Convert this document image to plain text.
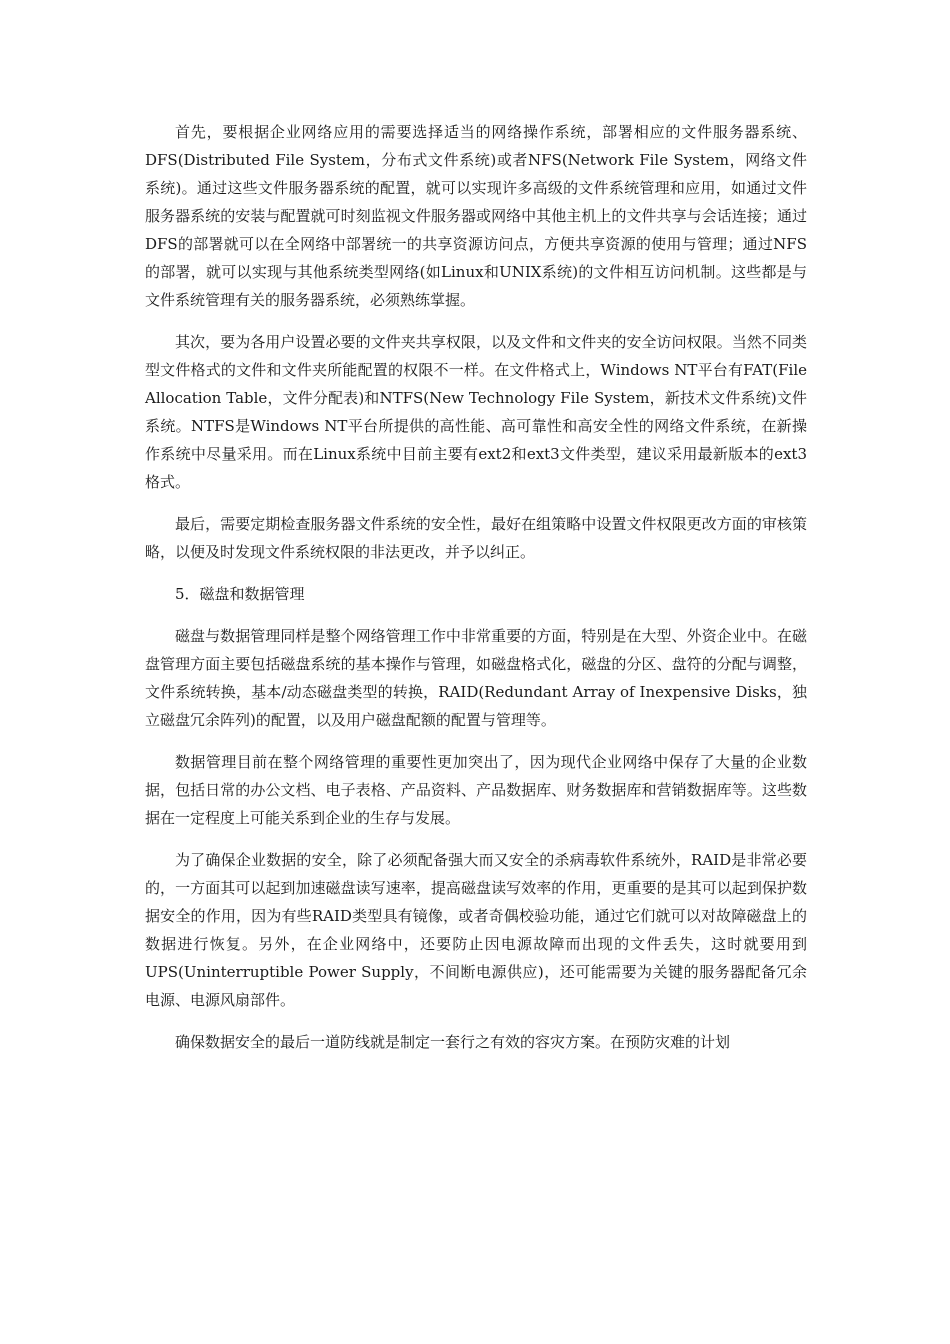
首先，要根据企业网络应用的需要选择适当的网络操作系统，部署相应的文件服务器系统、DFS(Distributed File System，分布式文件系统)或者NFS(Network File System，网络文件系统)。通过这些文件服务器系统的配置，就可以实现许多高级的文件系统管理和应用，如通过文件服务器系统的安装与配置就可时刻监视文件服务器或网络中其他主机上的文件共享与会话连接；通过DFS的部署就可以在全网络中部署统一的共享资源访问点，方便共享资源的使用与管理；通过NFS的部署，就可以实现与其他系统类型网络(如Linux和UNIX系统)的文件相互访问机制。这些都是与文件系统管理有关的服务器系统，必须熟练掌握。

其次，要为各用户设置必要的文件夹共享权限，以及文件和文件夹的安全访问权限。当然不同类型文件格式的文件和文件夹所能配置的权限不一样。在文件格式上，Windows NT平台有FAT(File Allocation Table，文件分配表)和NTFS(New Technology File System，新技术文件系统)文件系统。NTFS是Windows NT平台所提供的高性能、高可靠性和高安全性的网络文件系统，在新操作系统中尽量采用。而在Linux系统中目前主要有ext2和ext3文件类型，建议采用最新版本的ext3格式。

最后，需要定期检查服务器文件系统的安全性，最好在组策略中设置文件权限更改方面的审核策略，以便及时发现文件系统权限的非法更改，并予以纠正。

5．磁盘和数据管理

磁盘与数据管理同样是整个网络管理工作中非常重要的方面，特别是在大型、外资企业中。在磁盘管理方面主要包括磁盘系统的基本操作与管理，如磁盘格式化，磁盘的分区、盘符的分配与调整，文件系统转换，基本/动态磁盘类型的转换，RAID(Redundant Array of Inexpensive Disks，独立磁盘冗余阵列)的配置，以及用户磁盘配额的配置与管理等。

数据管理目前在整个网络管理的重要性更加突出了，因为现代企业网络中保存了大量的企业数据，包括日常的办公文档、电子表格、产品资料、产品数据库、财务数据库和营销数据库等。这些数据在一定程度上可能关系到企业的生存与发展。

为了确保企业数据的安全，除了必须配备强大而又安全的杀病毒软件系统外，RAID是非常必要的，一方面其可以起到加速磁盘读写速率，提高磁盘读写效率的作用，更重要的是其可以起到保护数据安全的作用，因为有些RAID类型具有镜像，或者奇偶校验功能，通过它们就可以对故障磁盘上的数据进行恢复。另外，在企业网络中，还要防止因电源故障而出现的文件丢失，这时就要用到UPS(Uninterruptible Power Supply，不间断电源供应)，还可能需要为关键的服务器配备冗余电源、电源风扇部件。

确保数据安全的最后一道防线就是制定一套行之有效的容灾方案。在预防灾难的计划
